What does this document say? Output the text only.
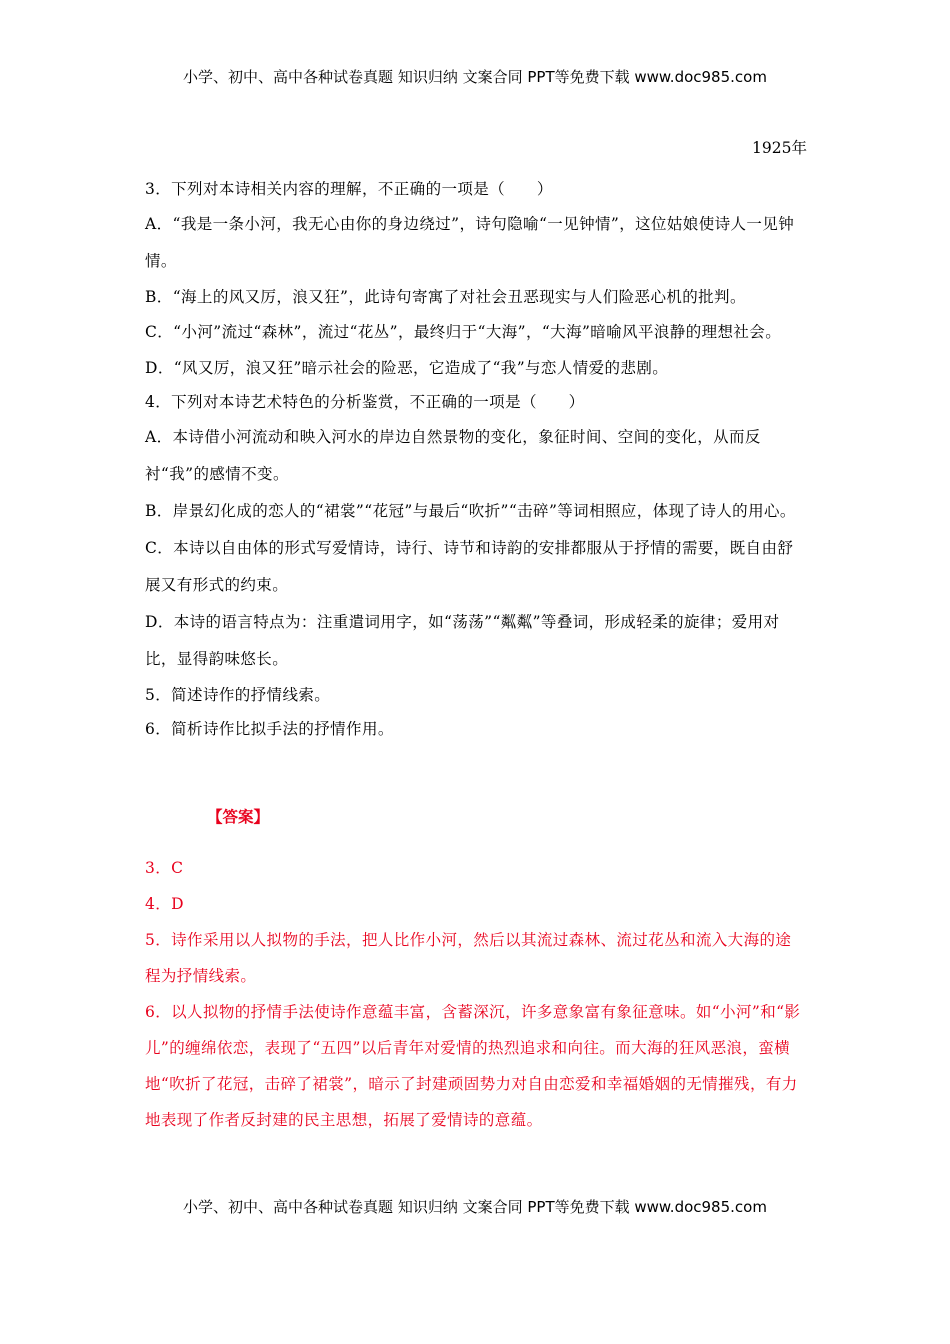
小学、初中、高中各种试卷真题 知识归纳 文案合同 PPT等免费下载 www.doc985.com
1925年
3．下列对本诗相关内容的理解，不正确的一项是（　　）
A．“我是一条小河，我无心由你的身边绕过”，诗句隐喻“一见钟情”，这位姑娘使诗人一见钟情。
B．“海上的风又厉，浪又狂”，此诗句寄寓了对社会丑恶现实与人们险恶心机的批判。
C．“小河”流过“森林”，流过“花丛”，最终归于“大海”，“大海”暗喻风平浪静的理想社会。
D．“风又厉，浪又狂”暗示社会的险恶，它造成了“我”与恋人情爱的悲剧。
4．下列对本诗艺术特色的分析鉴赏，不正确的一项是（　　）
A．本诗借小河流动和映入河水的岸边自然景物的变化，象征时间、空间的变化，从而反衬“我”的感情不变。
B．岸景幻化成的恋人的“裙裳”“花冠”与最后“吹折”“击碎”等词相照应，体现了诗人的用心。
C．本诗以自由体的形式写爱情诗，诗行、诗节和诗韵的安排都服从于抒情的需要，既自由舒展又有形式的约束。
D．本诗的语言特点为：注重遣词用字，如“荡荡”“粼粼”等叠词，形成轻柔的旋律；爱用对比，显得韵味悠长。
5．简述诗作的抒情线索。
6．简析诗作比拟手法的抒情作用。
【答案】
3．C
4．D
5．诗作采用以人拟物的手法，把人比作小河，然后以其流过森林、流过花丛和流入大海的途程为抒情线索。
6．以人拟物的抒情手法使诗作意蕴丰富，含蓄深沉，许多意象富有象征意味。如“小河”和“影儿”的缠绵依恋，表现了“五四”以后青年对爱情的热烈追求和向往。而大海的狂风恶浪，蛮横地“吹折了花冠，击碎了裙裳”，暗示了封建顽固势力对自由恋爱和幸福婚姻的无情摧残，有力地表现了作者反封建的民主思想，拓展了爱情诗的意蕴。
小学、初中、高中各种试卷真题 知识归纳 文案合同 PPT等免费下载 www.doc985.com
